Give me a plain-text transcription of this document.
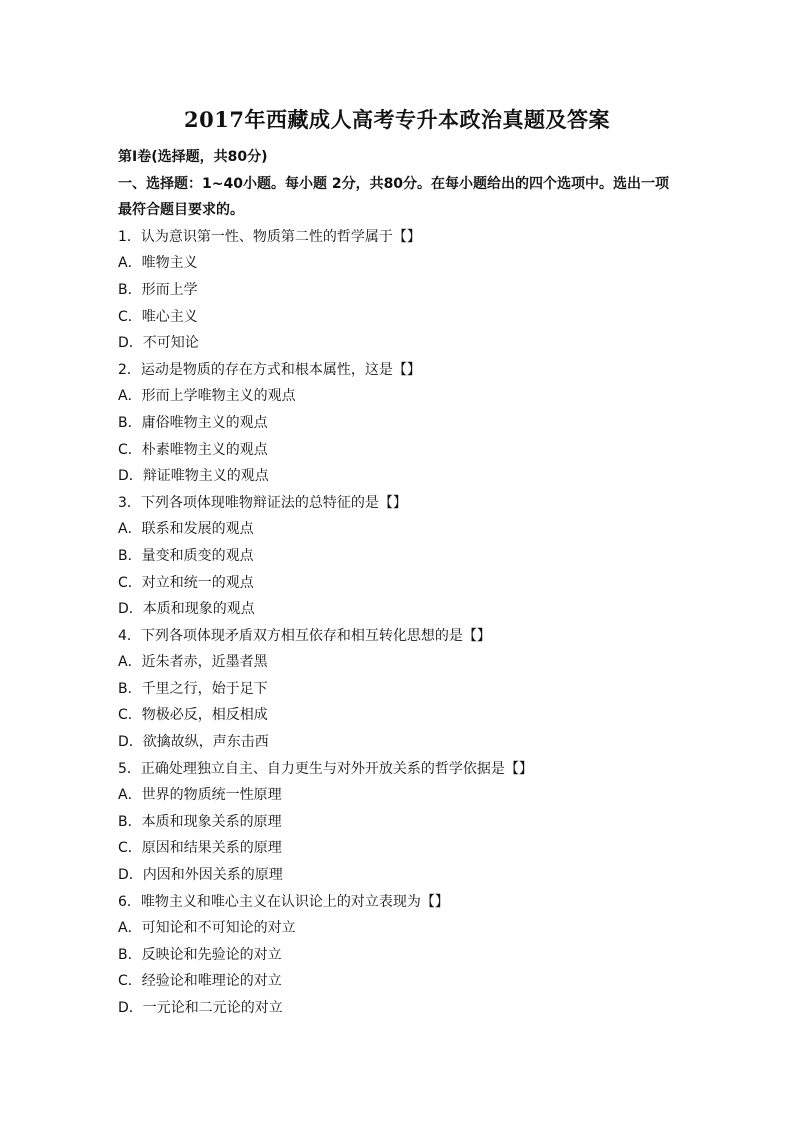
2017年西藏成人高考专升本政治真题及答案
第I卷(选择题，共80分)
一、选择题：1~40小题。每小题 2分，共80分。在每小题给出的四个选项中。选出一项最符合题目要求的。
1．认为意识第一性、物质第二性的哲学属于【】
A．唯物主义
B．形而上学
C．唯心主义
D．不可知论
2．运动是物质的存在方式和根本属性，这是【】
A．形而上学唯物主义的观点
B．庸俗唯物主义的观点
C．朴素唯物主义的观点
D．辩证唯物主义的观点
3．下列各项体现唯物辩证法的总特征的是【】
A．联系和发展的观点
B．量变和质变的观点
C．对立和统一的观点
D．本质和现象的观点
4．下列各项体现矛盾双方相互依存和相互转化思想的是【】
A．近朱者赤，近墨者黑
B．千里之行，始于足下
C．物极必反，相反相成
D．欲擒故纵，声东击西
5．正确处理独立自主、自力更生与对外开放关系的哲学依据是【】
A．世界的物质统一性原理
B．本质和现象关系的原理
C．原因和结果关系的原理
D．内因和外因关系的原理
6．唯物主义和唯心主义在认识论上的对立表现为【】
A．可知论和不可知论的对立
B．反映论和先验论的对立
C．经验论和唯理论的对立
D．一元论和二元论的对立
